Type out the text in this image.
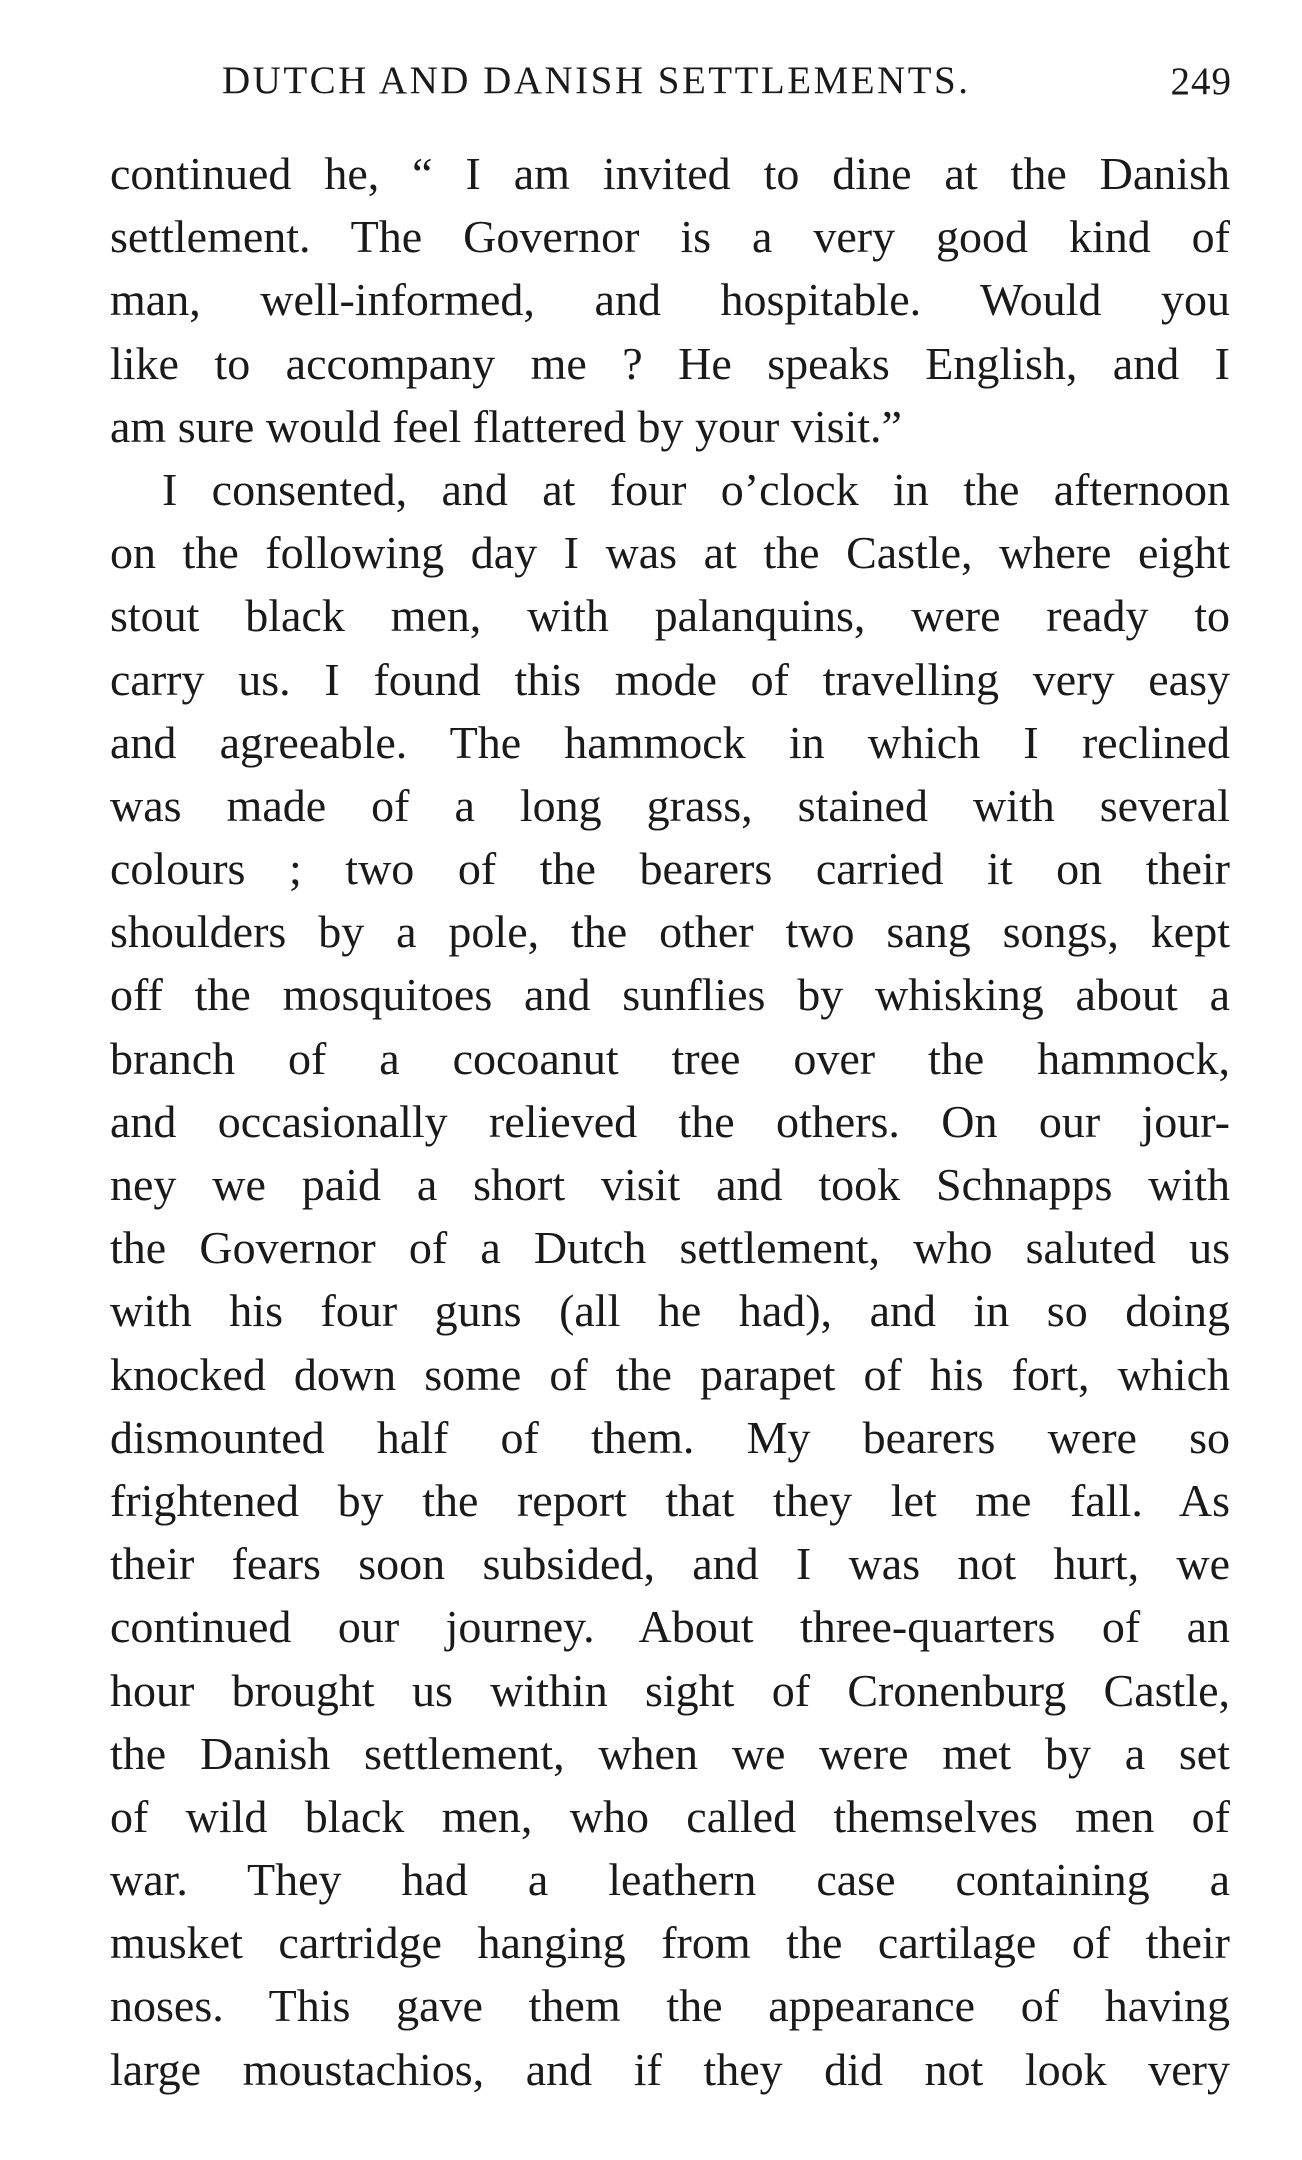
DUTCH AND DANISH SETTLEMENTS.	249
continued he, “ I am invited to dine at the Danish
settlement. The Governor is a very good kind of
man, well-informed, and hospitable. Would you
like to accompany me ? He speaks English, and I
am sure would feel flattered by your visit.”
I consented, and at four o’clock in the afternoon
on the following day I was at the Castle, where eight
stout black men, with palanquins, were ready to
carry us. I found this mode of travelling very easy
and agreeable. The hammock in which I reclined
was made of a long grass, stained with several
colours ; two of the bearers carried it on their
shoulders by a pole, the other two sang songs, kept
off the mosquitoes and sunflies by whisking about a
branch of a cocoanut tree over the hammock,
and occasionally relieved the others. On our jour-
ney we paid a short visit and took Schnapps with
the Governor of a Dutch settlement, who saluted us
with his four guns (all he had), and in so doing
knocked down some of the parapet of his fort, which
dismounted half of them. My bearers were so
frightened by the report that they let me fall. As
their fears soon subsided, and I was not hurt, we
continued our journey. About three-quarters of an
hour brought us within sight of Cronenburg Castle,
the Danish settlement, when we were met by a set
of wild black men, who called themselves men of
war. They had a leathern case containing a
musket cartridge hanging from the cartilage of their
noses. This gave them the appearance of having
large moustachios, and if they did not look very
